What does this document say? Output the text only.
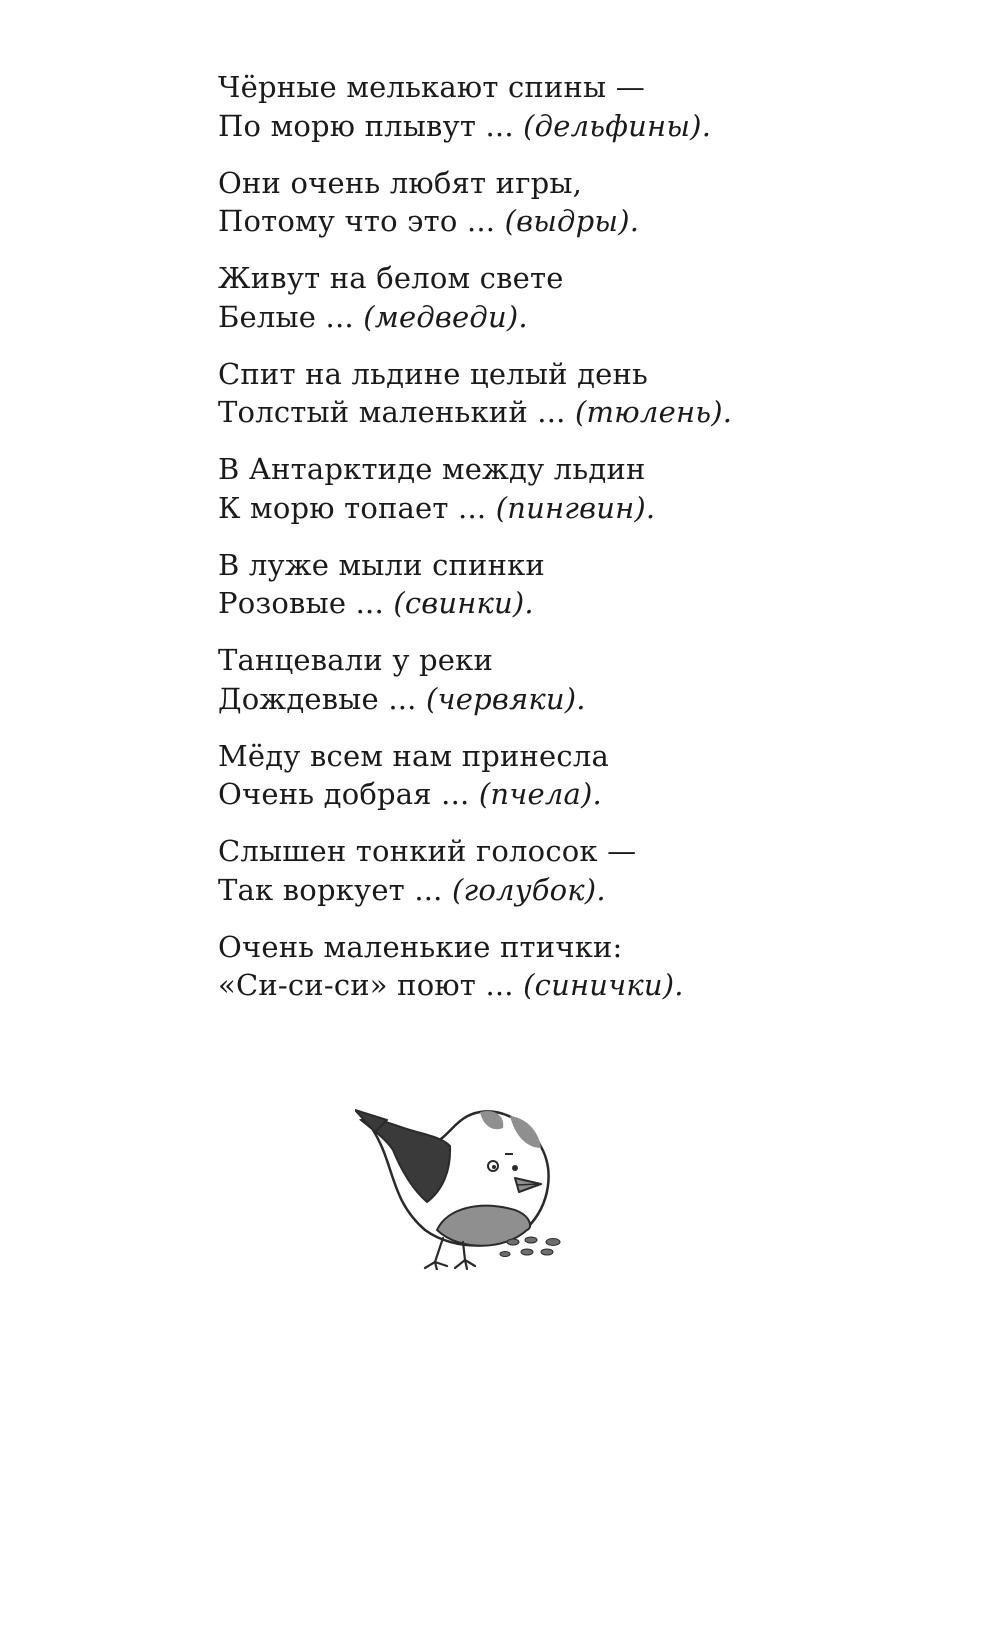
Чёрные мелькают спины —
По морю плывут ... (дельфины).
Они очень любят игры,
Потому что это ... (выдры).
Живут на белом свете
Белые ... (медведи).
Спит на льдине целый день
Толстый маленький ... (тюлень).
В Антарктиде между льдин
К морю топает ... (пингвин).
В луже мыли спинки
Розовые ... (свинки).
Танцевали у реки
Дождевые ... (червяки).
Мёду всем нам принесла
Очень добрая ... (пчела).
Слышен тонкий голосок —
Так воркует ... (голубок).
Очень маленькие птички:
«Си-си-си» поют ... (синички).
